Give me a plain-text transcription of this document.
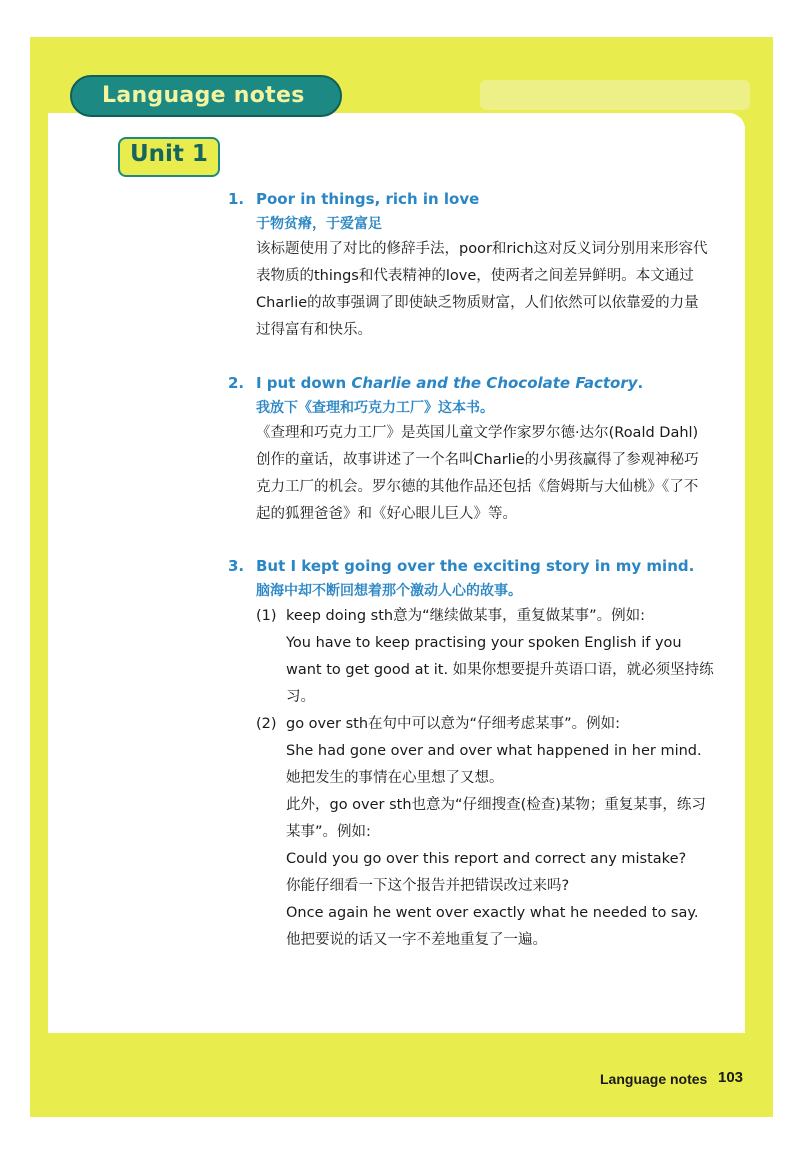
Language notes
Unit 1
1. Poor in things, rich in love
于物贫瘠，于爱富足
该标题使用了对比的修辞手法，poor和rich这对反义词分别用来形容代表物质的things和代表精神的love，使两者之间差异鲜明。本文通过Charlie的故事强调了即使缺乏物质财富，人们依然可以依靠爱的力量过得富有和快乐。
2. I put down Charlie and the Chocolate Factory.
我放下《查理和巧克力工厂》这本书。
《查理和巧克力工厂》是英国儿童文学作家罗尔德·达尔(Roald Dahl)创作的童话，故事讲述了一个名叫Charlie的小男孩赢得了参观神秘巧克力工厂的机会。罗尔德的其他作品还包括《詹姆斯与大仙桃》《了不起的狐狸爸爸》和《好心眼儿巨人》等。
3. But I kept going over the exciting story in my mind.
脑海中却不断回想着那个激动人心的故事。
(1) keep doing sth意为“继续做某事，重复做某事”。例如:
You have to keep practising your spoken English if you want to get good at it. 如果你想要提升英语口语，就必须坚持练习。
(2) go over sth在句中可以意为“仔细考虑某事”。例如:
She had gone over and over what happened in her mind. 她把发生的事情在心里想了又想。
此外，go over sth也意为“仔细搜查(检查)某物；重复某事，练习某事”。例如:
Could you go over this report and correct any mistake?
你能仔细看一下这个报告并把错误改过来吗?
Once again he went over exactly what he needed to say.
他把要说的话又一字不差地重复了一遍。
Language notes 103
